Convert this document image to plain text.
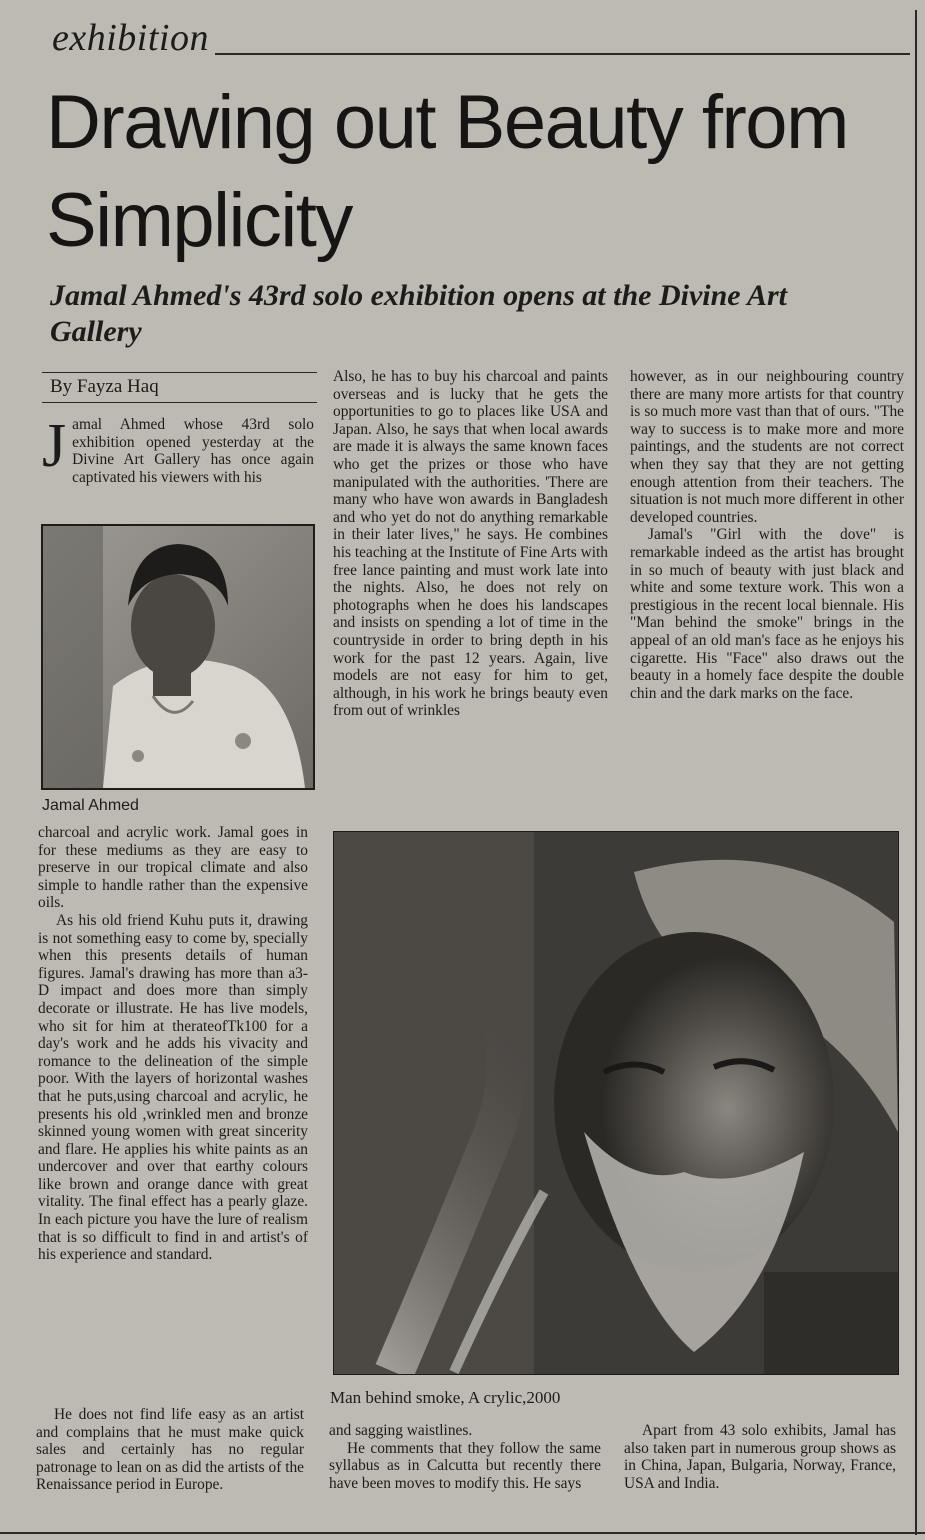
exhibition
Drawing out Beauty from Simplicity
Jamal Ahmed's 43rd solo exhibition opens at the Divine Art Gallery
By Fayza Haq

Jamal Ahmed whose 43rd solo exhibition opened yesterday at the Divine Art Gallery has once again captivated his viewers with his

Jamal Ahmed

charcoal and acrylic work. Jamal goes in for these mediums as they are easy to preserve in our tropical climate and also simple to handle rather than the expensive oils.

As his old friend Kuhu puts it, drawing is not something easy to come by, specially when this presents details of human figures. Jamal's drawing has more than a3-D impact and does more than simply decorate or illustrate. He has live models, who sit for him at therateofTk100 for a day's work and he adds his vivacity and romance to the delineation of the simple poor. With the layers of horizontal washes that he puts,using charcoal and acrylic, he presents his old ,wrinkled men and bronze skinned young women with great sincerity and flare. He applies his white paints as an undercover and over that earthy colours like brown and orange dance with great vitality. The final effect has a pearly glaze. In each picture you have the lure of realism that is so difficult to find in and artist's of his experience and standard.

He does not find life easy as an artist and complains that he must make quick sales and certainly has no regular patronage to lean on as did the artists of the Renaissance period in Europe.

Also, he has to buy his charcoal and paints overseas and is lucky that he gets the opportunities to go to places like USA and Japan. Also, he says that when local awards are made it is always the same known faces who get the prizes or those who have manipulated with the authorities. 'There are many who have won awards in Bangladesh and who yet do not do anything remarkable in their later lives," he says. He combines his teaching at the Institute of Fine Arts with free lance painting and must work late into the nights. Also, he does not rely on photographs when he does his landscapes and insists on spending a lot of time in the countryside in order to bring depth in his work for the past 12 years. Again, live models are not easy for him to get, although, in his work he brings beauty even from out of wrinkles

however, as in our neighbouring country there are many more artists for that country is so much more vast than that of ours. "The way to success is to make more and more paintings, and the students are not correct when they say that they are not getting enough attention from their teachers. The situation is not much more different in other developed countries.

Jamal's "Girl with the dove" is remarkable indeed as the artist has brought in so much of beauty with just black and white and some texture work. This won a prestigious in the recent local biennale. His "Man behind the smoke" brings in the appeal of an old man's face as he enjoys his cigarette. His "Face" also draws out the beauty in a homely face despite the double chin and the dark marks on the face.

Man behind smoke, A crylic,2000

and sagging waistlines.

He comments that they follow the same syllabus as in Calcutta but recently there have been moves to modify this. He says

Apart from 43 solo exhibits, Jamal has also taken part in numerous group shows as in China, Japan, Bulgaria, Norway, France, USA and India.
